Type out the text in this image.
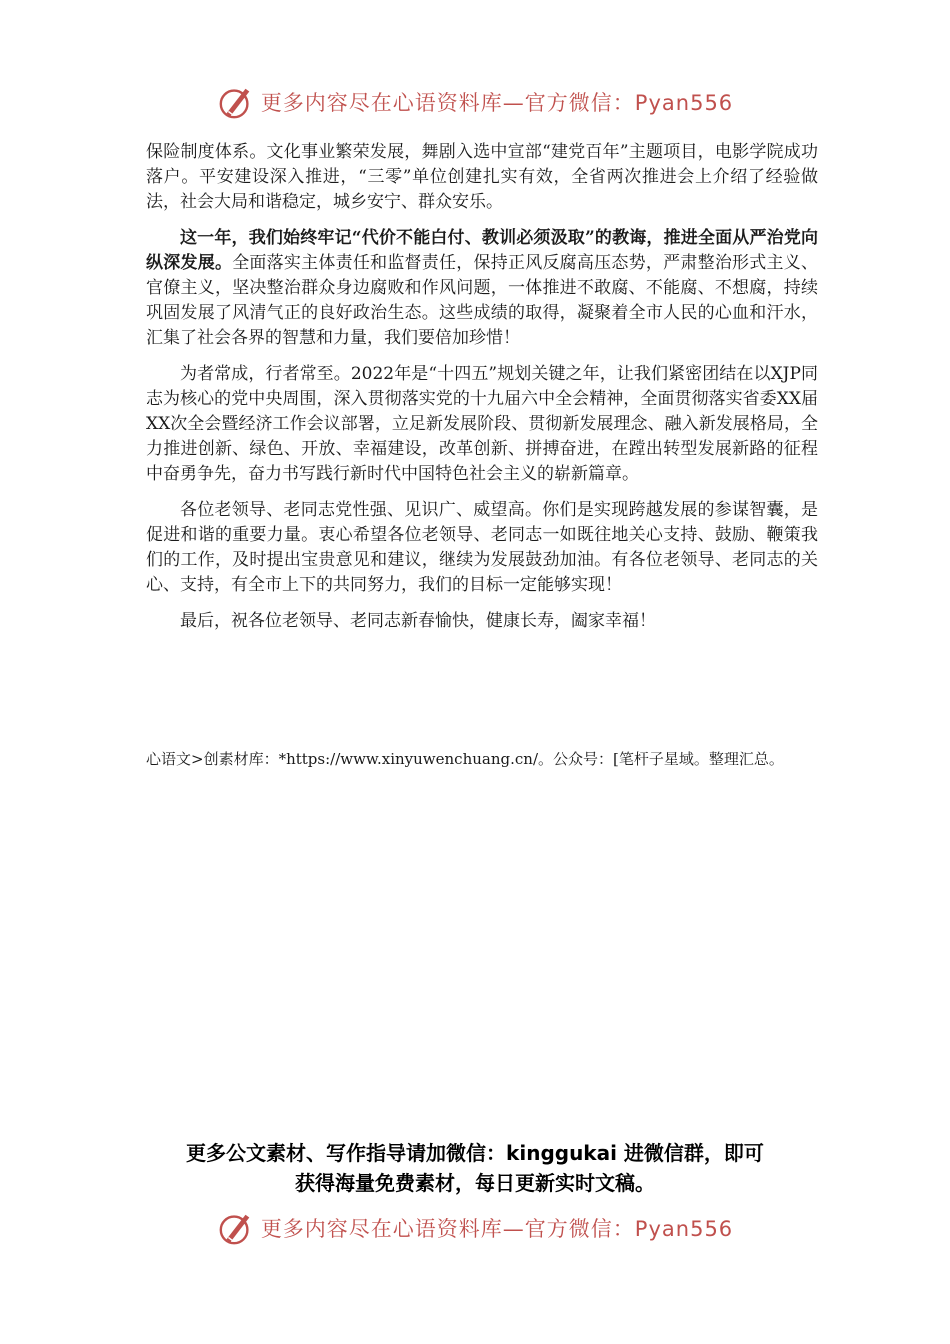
更多内容尽在心语资料库—官方微信：Pyan556

保险制度体系。文化事业繁荣发展，舞剧入选中宣部“建党百年”主题项目，电影学院成功落户。平安建设深入推进，“三零”单位创建扎实有效，全省两次推进会上介绍了经验做法，社会大局和谐稳定，城乡安宁、群众安乐。

这一年，我们始终牢记“代价不能白付、教训必须汲取”的教诲，推进全面从严治党向纵深发展。全面落实主体责任和监督责任，保持正风反腐高压态势，严肃整治形式主义、官僚主义，坚决整治群众身边腐败和作风问题，一体推进不敢腐、不能腐、不想腐，持续巩固发展了风清气正的良好政治生态。这些成绩的取得，凝聚着全市人民的心血和汗水，汇集了社会各界的智慧和力量，我们要倍加珍惜！

为者常成，行者常至。2022年是“十四五”规划关键之年，让我们紧密团结在以XJP同志为核心的党中央周围，深入贯彻落实党的十九届六中全会精神，全面贯彻落实省委XX届XX次全会暨经济工作会议部署，立足新发展阶段、贯彻新发展理念、融入新发展格局，全力推进创新、绿色、开放、幸福建设，改革创新、拼搏奋进，在蹚出转型发展新路的征程中奋勇争先，奋力书写践行新时代中国特色社会主义的崭新篇章。

各位老领导、老同志党性强、见识广、威望高。你们是实现跨越发展的参谋智囊，是促进和谐的重要力量。衷心希望各位老领导、老同志一如既往地关心支持、鼓励、鞭策我们的工作，及时提出宝贵意见和建议，继续为发展鼓劲加油。有各位老领导、老同志的关心、支持，有全市上下的共同努力，我们的目标一定能够实现！

最后，祝各位老领导、老同志新春愉快，健康长寿，阖家幸福！

心语文>创素材库：*https://www.xinyuwenchuang.cn/。公众号：[笔杆子星域。整理汇总。
更多公文素材、写作指导请加微信：kinggukai 进微信群，即可
获得海量免费素材，每日更新实时文稿。
更多内容尽在心语资料库—官方微信：Pyan556
